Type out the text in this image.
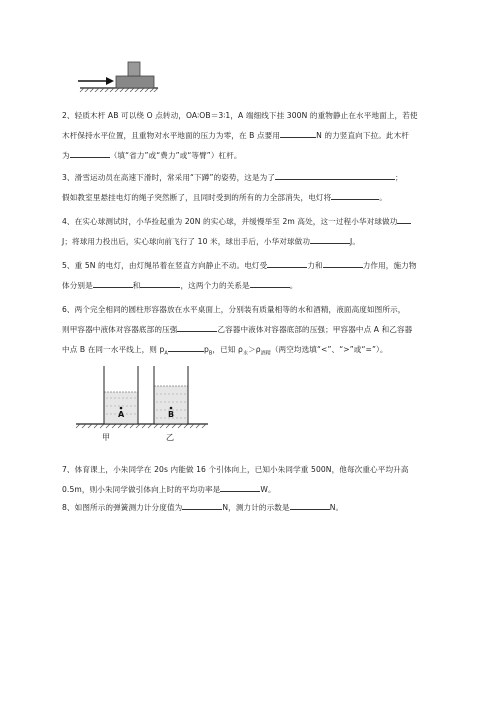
2、轻质木杆 AB 可以绕 O 点转动，OA∶OB＝3∶1，A 端细线下挂 300N 的重物静止在水平地面上，若使
木杆保持水平位置，且重物对水平地面的压力为零，在 B 点要用	N 的力竖直向下拉。此木杆
为	（填“省力”或“费力”或“等臂”）杠杆。
3、滑雪运动员在高速下滑时，常采用“下蹲”的姿势，这是为了	；
假如教室里悬挂电灯的绳子突然断了，且同时受到的所有的力全部消失，电灯将	。
4、在实心球测试时，小华捡起重为 20N 的实心球，并缓慢举至 2m 高处，这一过程小华对球做功
J；将球用力投出后，实心球向前飞行了 10 米，球出手后，小华对球做功	J。
5、重 5N 的电灯，由灯绳吊着在竖直方向静止不动。电灯受	力和	力作用，施力物
体分别是	和	，这两个力的关系是	。
6、两个完全相同的圆柱形容器放在水平桌面上，分别装有质量相等的水和酒精，液面高度如图所示，
则甲容器中液体对容器底部的压强	乙容器中液体对容器底部的压强；甲容器中点 A 和乙容器
中点 B 在同一水平线上，则 $p_A$	$p_B$，已知 $\rho_水>\rho_{酒精}$（两空均选填“<”、“>”或“=”）。
A	B
甲	乙
7、体育课上，小朱同学在 20s 内能做 16 个引体向上，已知小朱同学重 500N，他每次重心平均升高
0.5m，则小朱同学做引体向上时的平均功率是	W。
8、如图所示的弹簧测力计分度值为	N，测力计的示数是	N。
